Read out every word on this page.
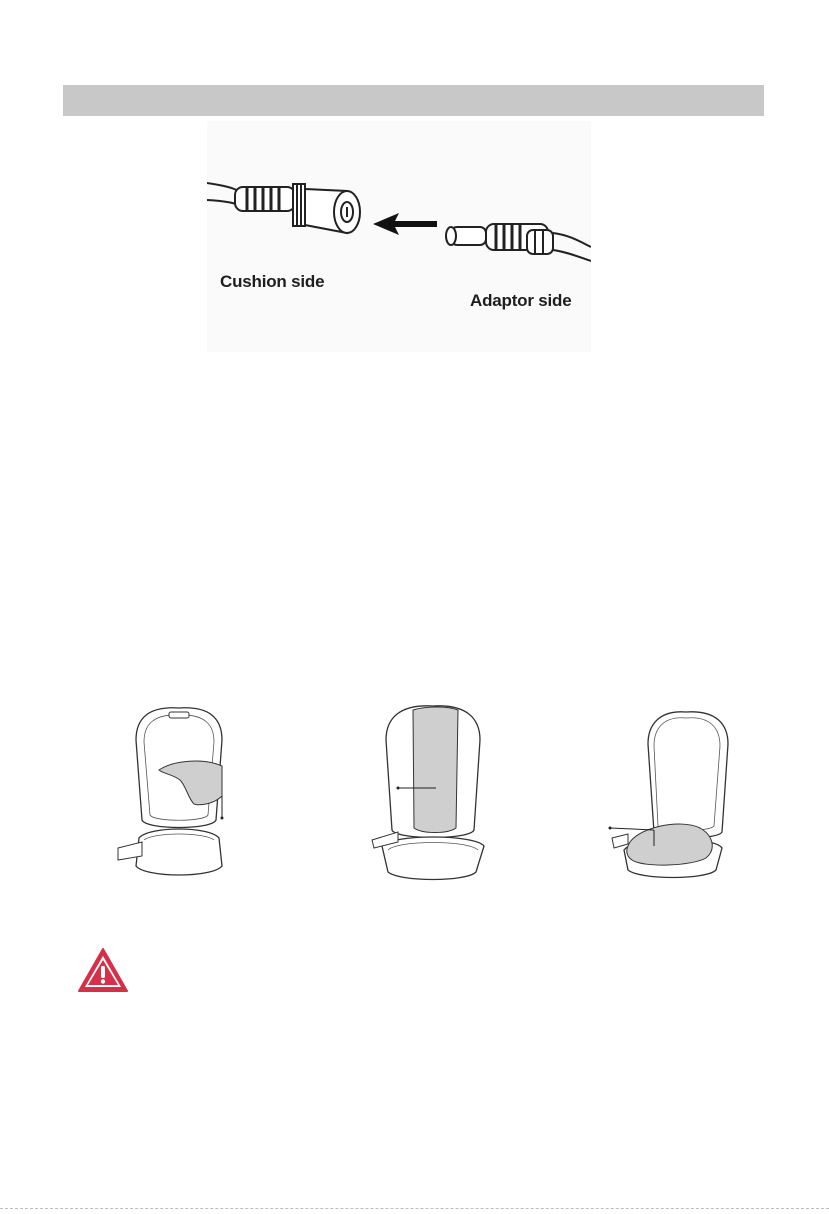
Cushion side
Adaptor side
